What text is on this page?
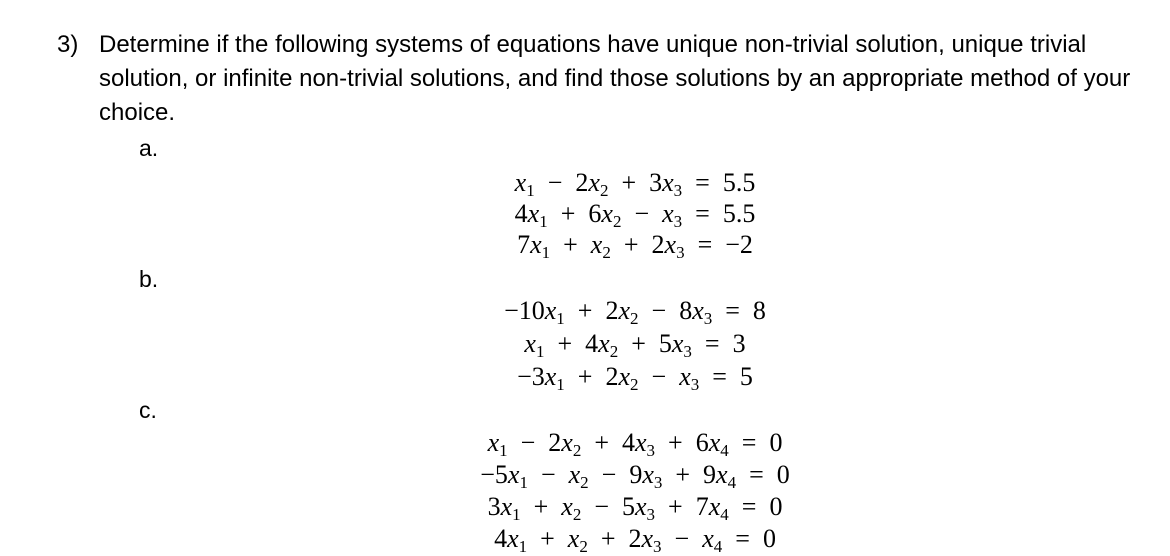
3) Determine if the following systems of equations have unique non-trivial solution, unique trivial solution, or infinite non-trivial solutions, and find those solutions by an appropriate method of your choice.

a.
$x_1$ − $2x_2$ + $3x_3$ = 5.5
$4x_1$ + $6x_2$ − $x_3$ = 5.5
$7x_1$ + $x_2$ + $2x_3$ = −2
b.
$-10x_1$ + $2x_2$ − $8x_3$ = 8
$x_1$ + $4x_2$ + $5x_3$ = 3
$-3x_1$ + $2x_2$ − $x_3$ = 5
c.
$x_1$ − $2x_2$ + $4x_3$ + $6x_4$ = 0
$-5x_1$ − $x_2$ − $9x_3$ + $9x_4$ = 0
$3x_1$ + $x_2$ − $5x_3$ + $7x_4$ = 0
$4x_1$ + $x_2$ + $2x_3$ − $x_4$ = 0
